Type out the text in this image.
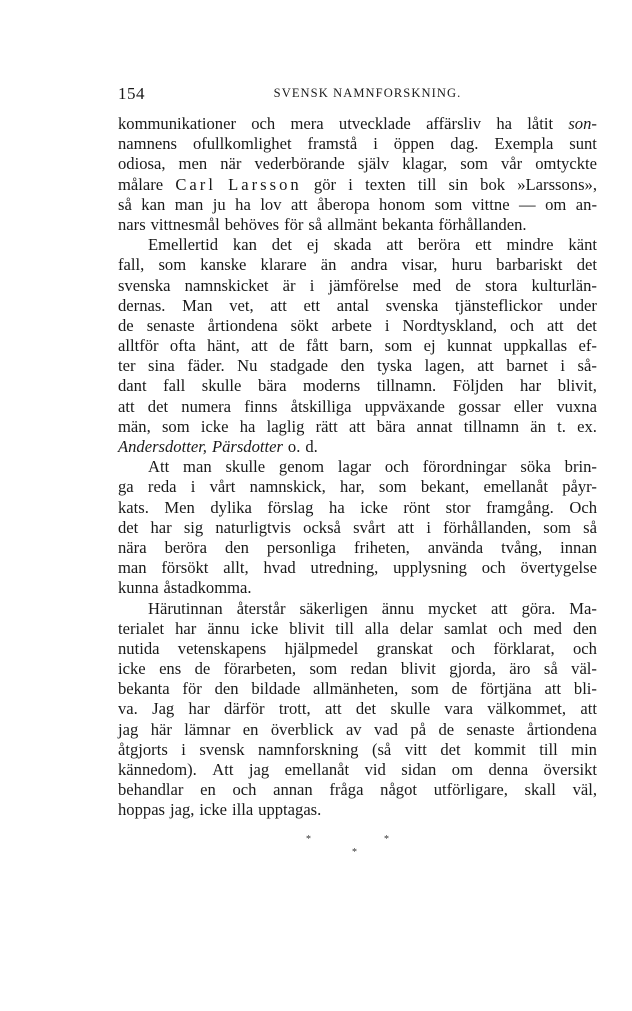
154	SVENSK NAMNFORSKNING.
kommunikationer och mera utvecklade affärsliv ha låtit son-
namnens ofullkomlighet framstå i öppen dag. Exempla sunt
odiosa, men när vederbörande själv klagar, som vår omtyckte
målare Carl Larsson gör i texten till sin bok »Larssons»,
så kan man ju ha lov att åberopa honom som vittne — om an-
nars vittnesmål behöves för så allmänt bekanta förhållanden.
Emellertid kan det ej skada att beröra ett mindre känt
fall, som kanske klarare än andra visar, huru barbariskt det
svenska namnskicket är i jämförelse med de stora kulturlän-
dernas. Man vet, att ett antal svenska tjänsteflickor under
de senaste årtiondena sökt arbete i Nordtyskland, och att det
alltför ofta hänt, att de fått barn, som ej kunnat uppkallas ef-
ter sina fäder. Nu stadgade den tyska lagen, att barnet i så-
dant fall skulle bära moderns tillnamn. Följden har blivit,
att det numera finns åtskilliga uppväxande gossar eller vuxna
män, som icke ha laglig rätt att bära annat tillnamn än t. ex.
Andersdotter, Pärsdotter o. d.
Att man skulle genom lagar och förordningar söka brin-
ga reda i vårt namnskick, har, som bekant, emellanåt påyr-
kats. Men dylika förslag ha icke rönt stor framgång. Och
det har sig naturligtvis också svårt att i förhållanden, som så
nära beröra den personliga friheten, använda tvång, innan
man försökt allt, hvad utredning, upplysning och övertygelse
kunna åstadkomma.
Härutinnan återstår säkerligen ännu mycket att göra. Ma-
terialet har ännu icke blivit till alla delar samlat och med den
nutida vetenskapens hjälpmedel granskat och förklarat, och
icke ens de förarbeten, som redan blivit gjorda, äro så väl-
bekanta för den bildade allmänheten, som de förtjäna att bli-
va. Jag har därför trott, att det skulle vara välkommet, att
jag här lämnar en överblick av vad på de senaste årtiondena
åtgjorts i svensk namnforskning (så vitt det kommit till min
kännedom). Att jag emellanåt vid sidan om denna översikt
behandlar en och annan fråga något utförligare, skall väl,
hoppas jag, icke illa upptagas.
*
*
*
